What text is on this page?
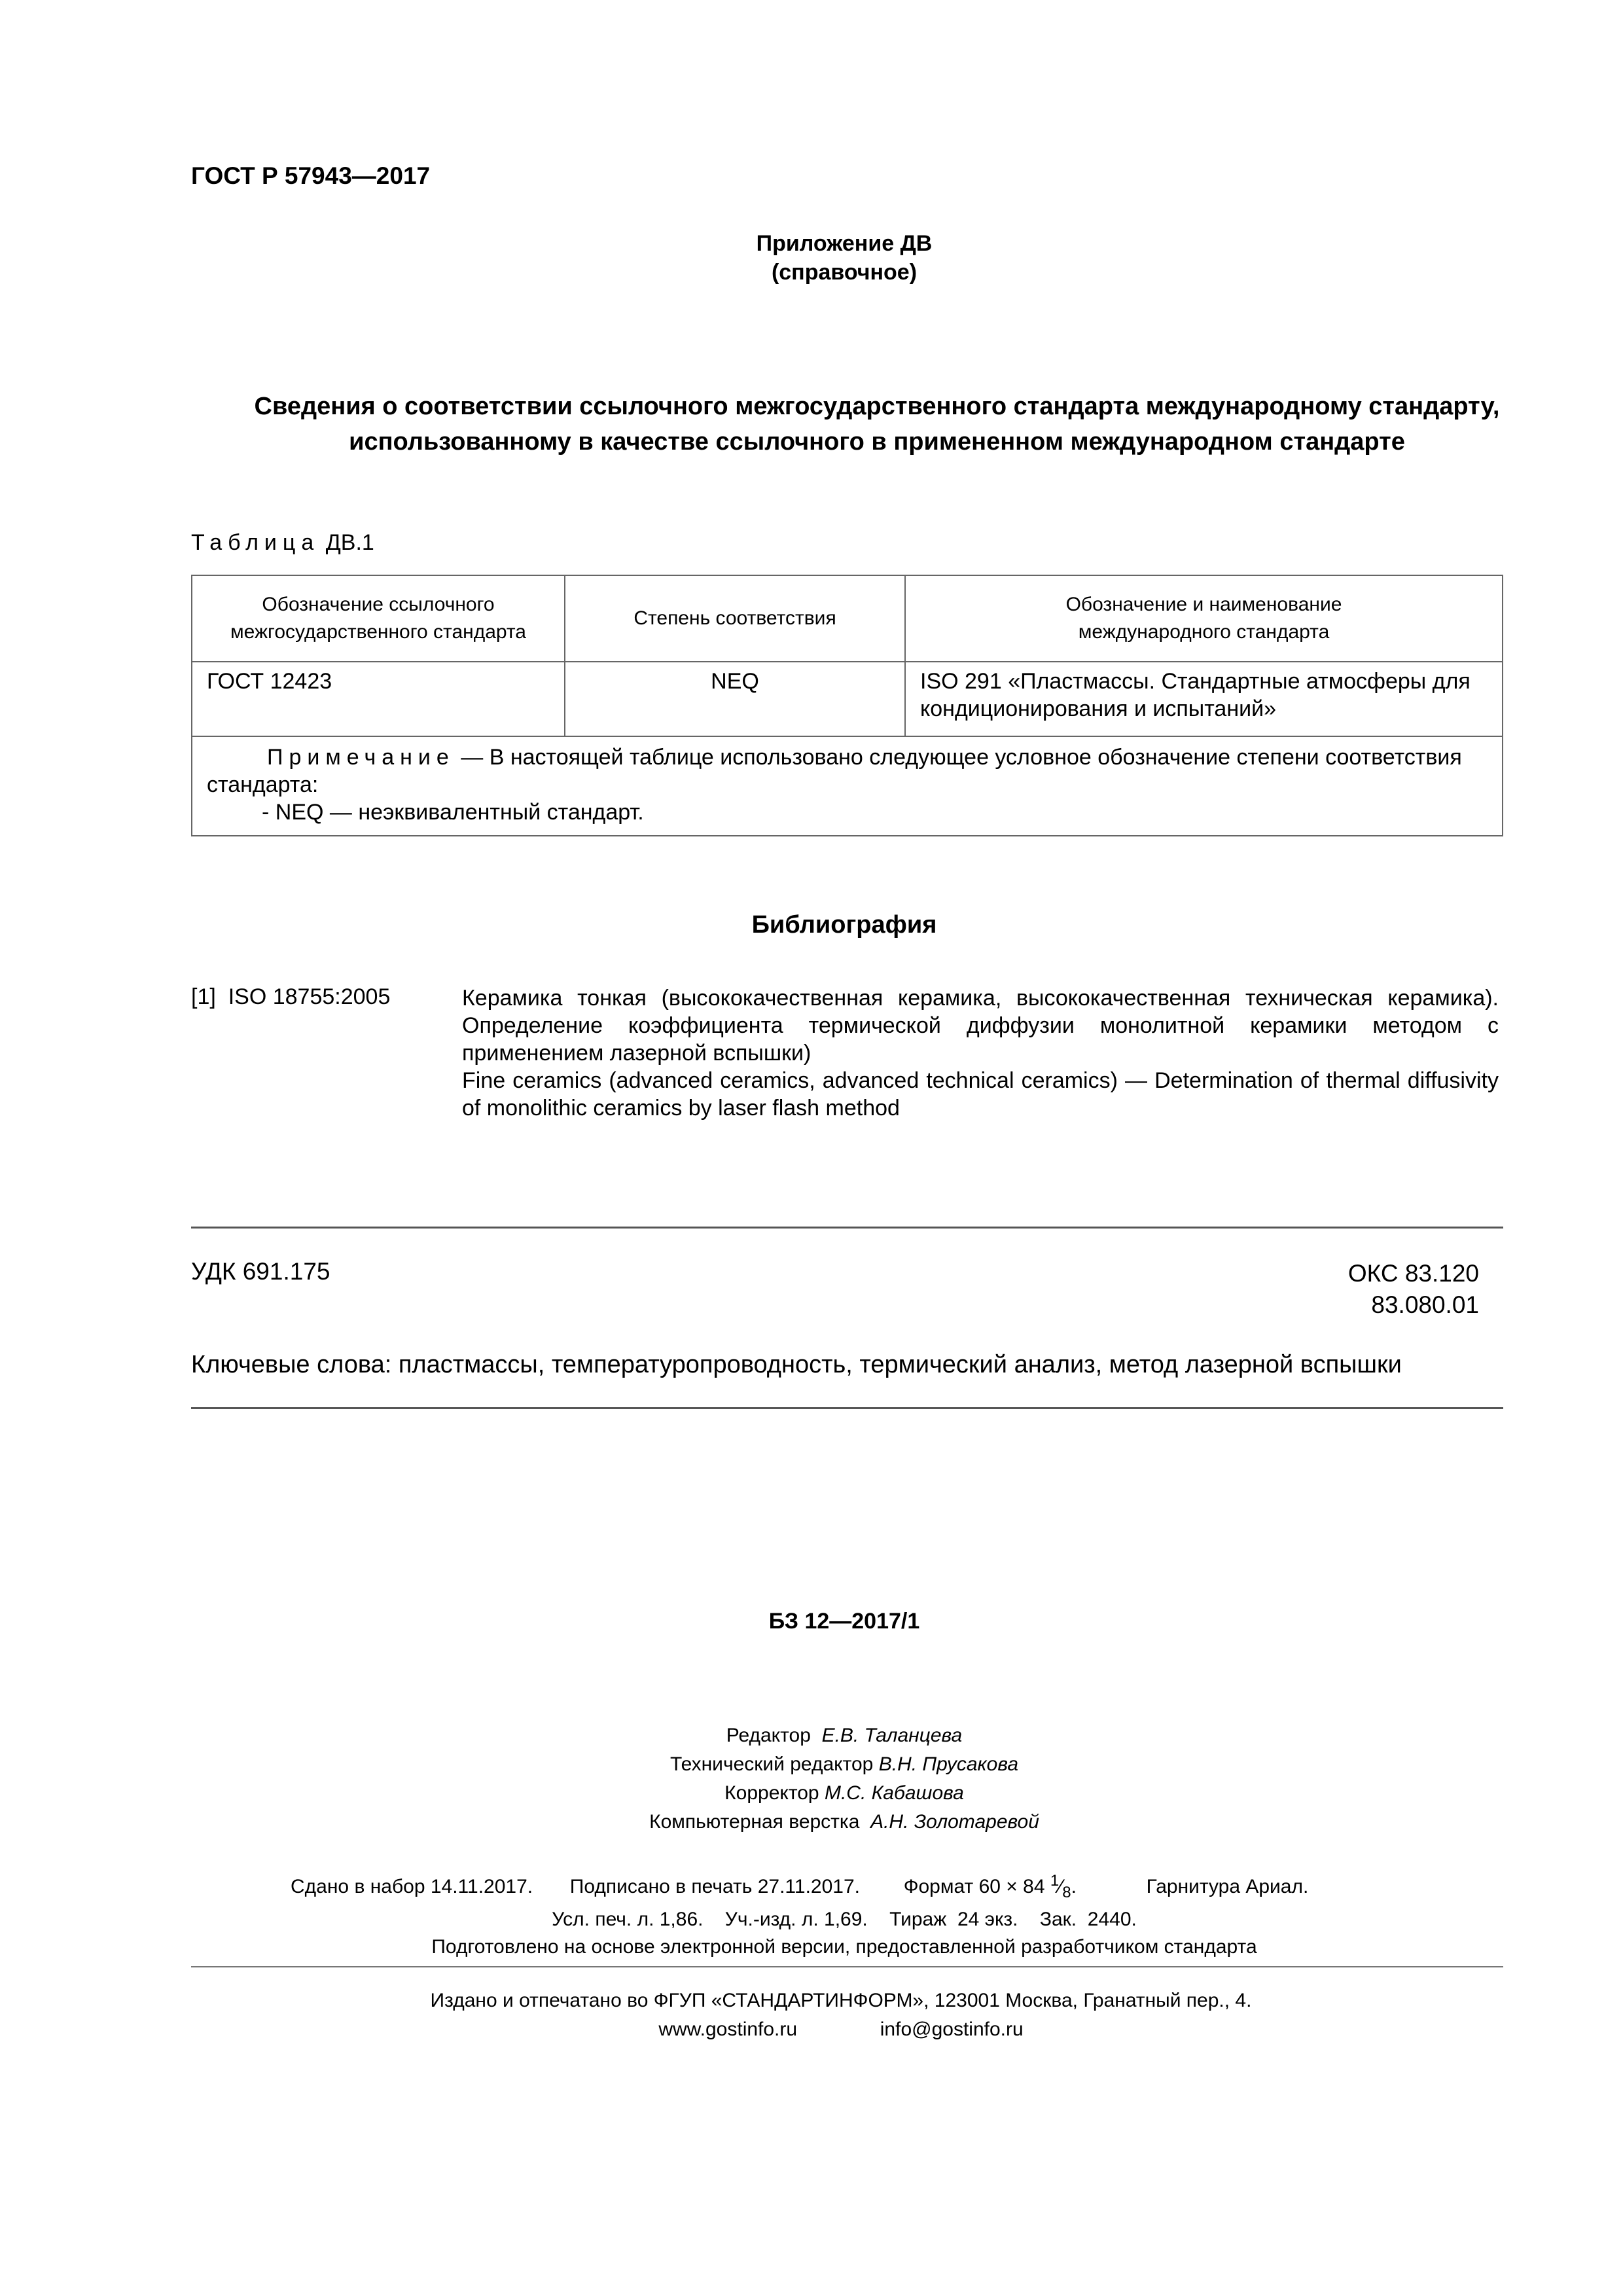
ГОСТ Р 57943—2017
Приложение ДВ
(справочное)
Сведения о соответствии ссылочного межгосударственного стандарта международному стандарту, использованному в качестве ссылочного в примененном международном стандарте
Таблица ДВ.1
Обозначение ссылочного межгосударственного стандарта	Степень соответствия	Обозначение и наименование международного стандарта
ГОСТ 12423	NEQ	ISO 291 «Пластмассы. Стандартные атмосферы для кондиционирования и испытаний»

Примечание — В настоящей таблице использовано следующее условное обозначение степени соответствия стандарта:
- NEQ — неэквивалентный стандарт.		
Библиография
[1] ISO 18755:2005	Керамика тонкая (высококачественная керамика, высококачественная техническая керамика). Определение коэффициента термической диффузии монолитной керамики методом с применением лазерной вспышки)
Fine ceramics (advanced ceramics, advanced technical ceramics) — Determination of thermal diffusivity of monolithic ceramics by laser flash method
УДК 691.175	ОКС 83.120
83.080.01
Ключевые слова: пластмассы, температуропроводность, термический анализ, метод лазерной вспышки
БЗ 12—2017/1
Редактор Е.В. Таланцева
Технический редактор В.Н. Прусакова
Корректор М.С. Кабашова
Компьютерная верстка А.Н. Золотаревой
Сдано в набор 14.11.2017. Подписано в печать 27.11.2017. Формат 60 × 84 $^1⁄_8$.	Гарнитура Ариал.
Усл. печ. л. 1,86.    Уч.-изд. л. 1,69.    Тираж  24 экз.    Зак.  2440.
Подготовлено на основе электронной версии, предоставленной разработчиком стандарта
Издано и отпечатано во ФГУП «СТАНДАРТИНФОРМ», 123001 Москва, Гранатный пер., 4.
www.gostinfo.ru	info@gostinfo.ru
